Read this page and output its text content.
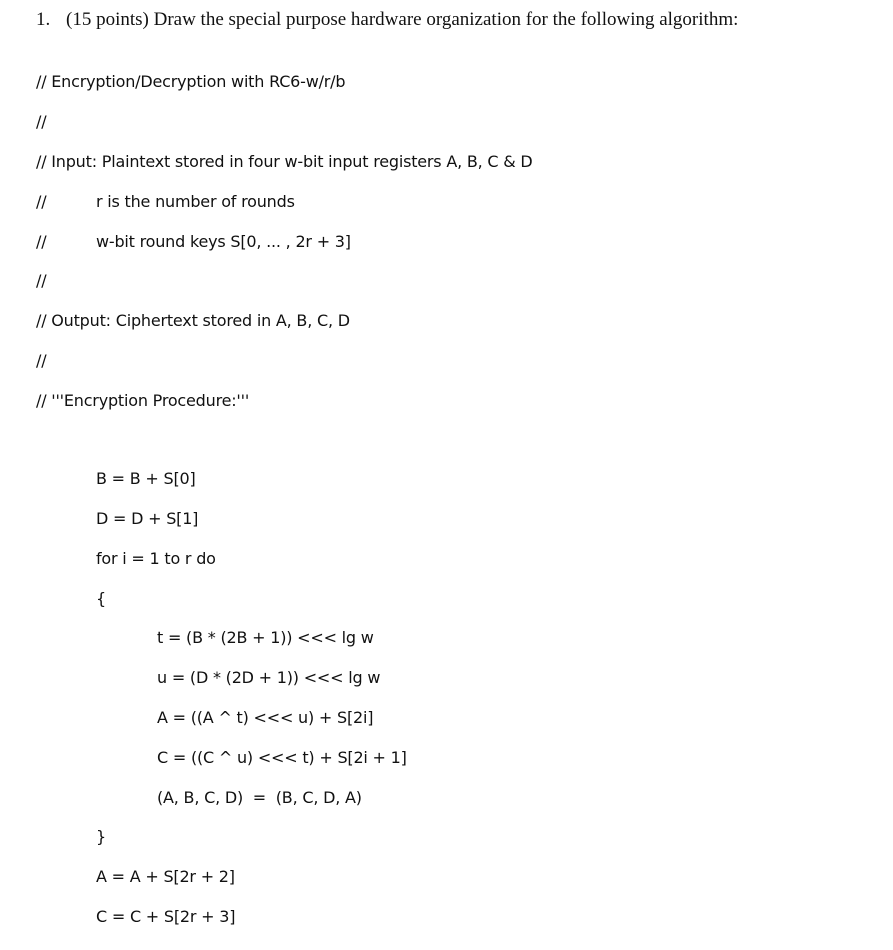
1. (15 points) Draw the special purpose hardware organization for the following algorithm:
// Encryption/Decryption with RC6-w/r/b
//
// Input: Plaintext stored in four w-bit input registers A, B, C & D
//	r is the number of rounds
//	w-bit round keys S[0, ... , 2r + 3]
//
// Output: Ciphertext stored in A, B, C, D
//
// '''Encryption Procedure:'''
B = B + S[0]
D = D + S[1]
for i = 1 to r do
{
t = (B * (2B + 1)) <<< lg w
u = (D * (2D + 1)) <<< lg w
A = ((A ^ t) <<< u) + S[2i]
C = ((C ^ u) <<< t) + S[2i + 1]
(A, B, C, D)  =  (B, C, D, A)
}
A = A + S[2r + 2]
C = C + S[2r + 3]
